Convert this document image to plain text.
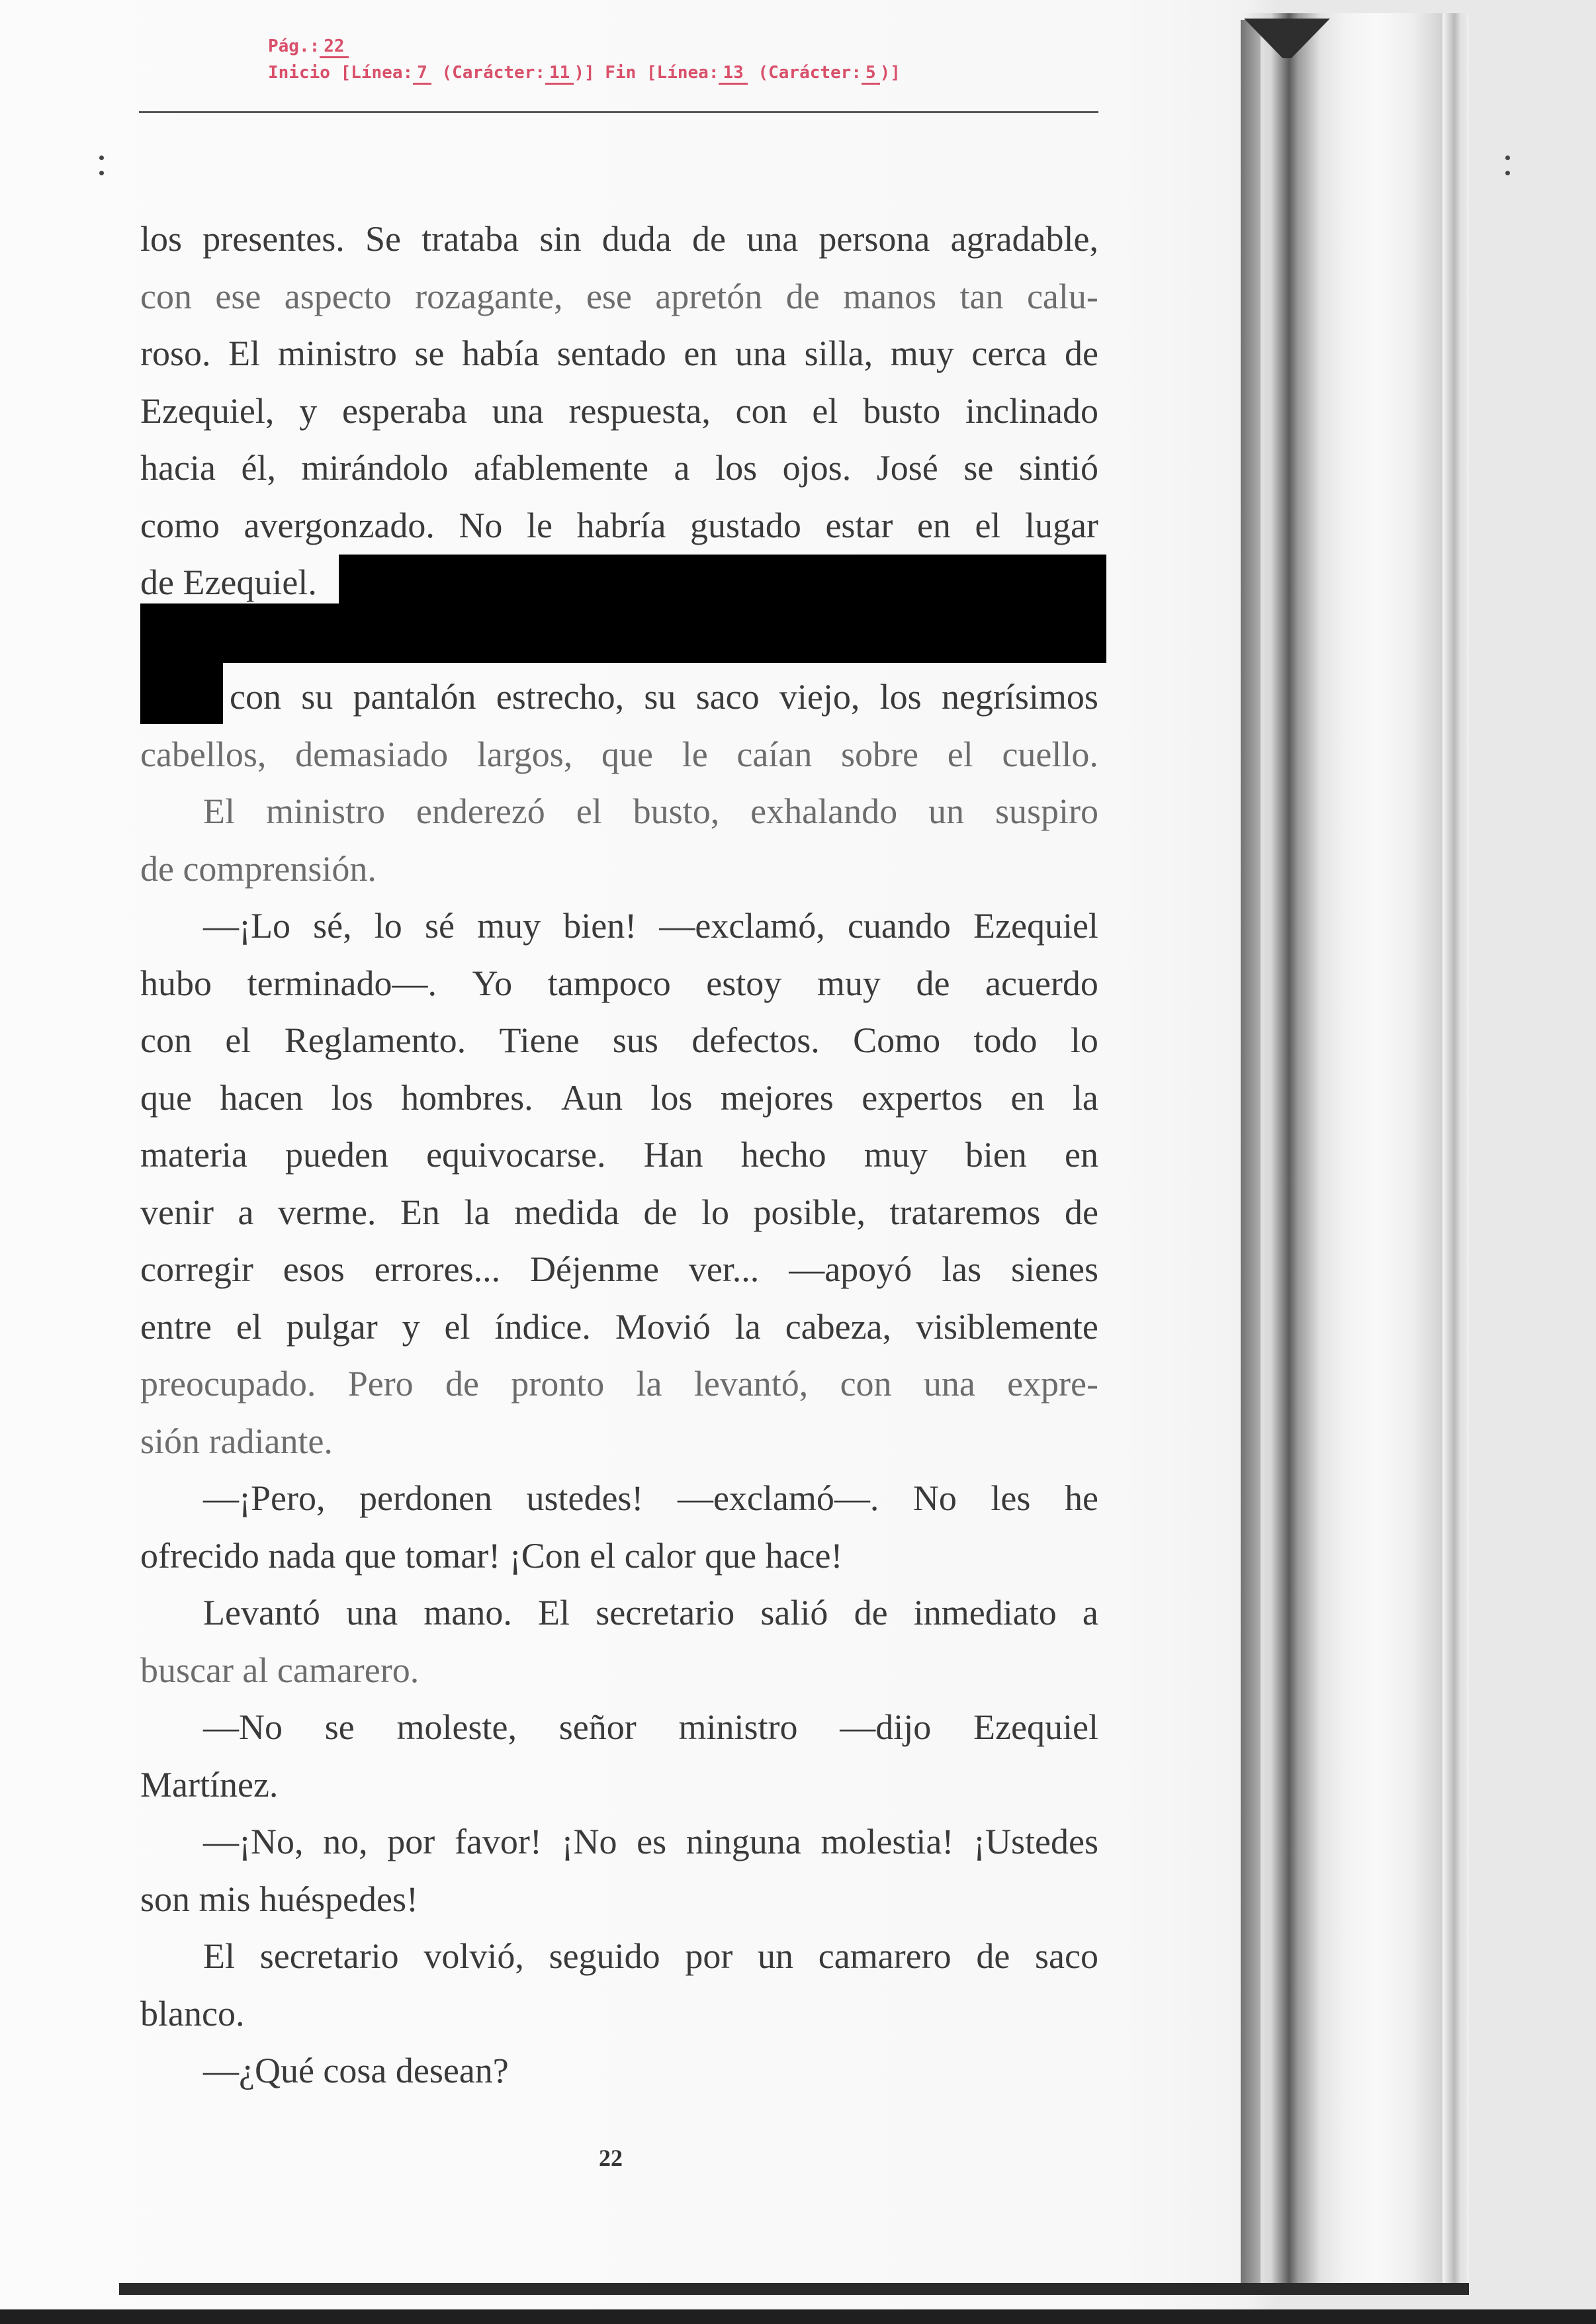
Pág.: 22
Inicio [Línea: 7 (Carácter: 11 )] Fin [Línea: 13 (Carácter: 5 )]
los presentes. Se trataba sin duda de una persona agradable,
con ese aspecto rozagante, ese apretón de manos tan calu-
roso. El ministro se había sentado en una silla, muy cerca de
Ezequiel, y esperaba una respuesta, con el busto inclinado
hacia él, mirándolo afablemente a los ojos. José se sintió
como avergonzado. No le habría gustado estar en el lugar
de Ezequiel.
con su pantalón estrecho, su saco viejo, los negrísimos
cabellos, demasiado largos, que le caían sobre el cuello.
El ministro enderezó el busto, exhalando un suspiro
de comprensión.
—¡Lo sé, lo sé muy bien! —exclamó, cuando Ezequiel
hubo terminado—. Yo tampoco estoy muy de acuerdo
con el Reglamento. Tiene sus defectos. Como todo lo
que hacen los hombres. Aun los mejores expertos en la
materia pueden equivocarse. Han hecho muy bien en
venir a verme. En la medida de lo posible, trataremos de
corregir esos errores... Déjenme ver... —apoyó las sienes
entre el pulgar y el índice. Movió la cabeza, visiblemente
preocupado. Pero de pronto la levantó, con una expre-
sión radiante.
—¡Pero, perdonen ustedes! —exclamó—. No les he
ofrecido nada que tomar! ¡Con el calor que hace!
Levantó una mano. El secretario salió de inmediato a
buscar al camarero.
—No se moleste, señor ministro —dijo Ezequiel
Martínez.
—¡No, no, por favor! ¡No es ninguna molestia! ¡Ustedes
son mis huéspedes!
El secretario volvió, seguido por un camarero de saco
blanco.
—¿Qué cosa desean?
22
